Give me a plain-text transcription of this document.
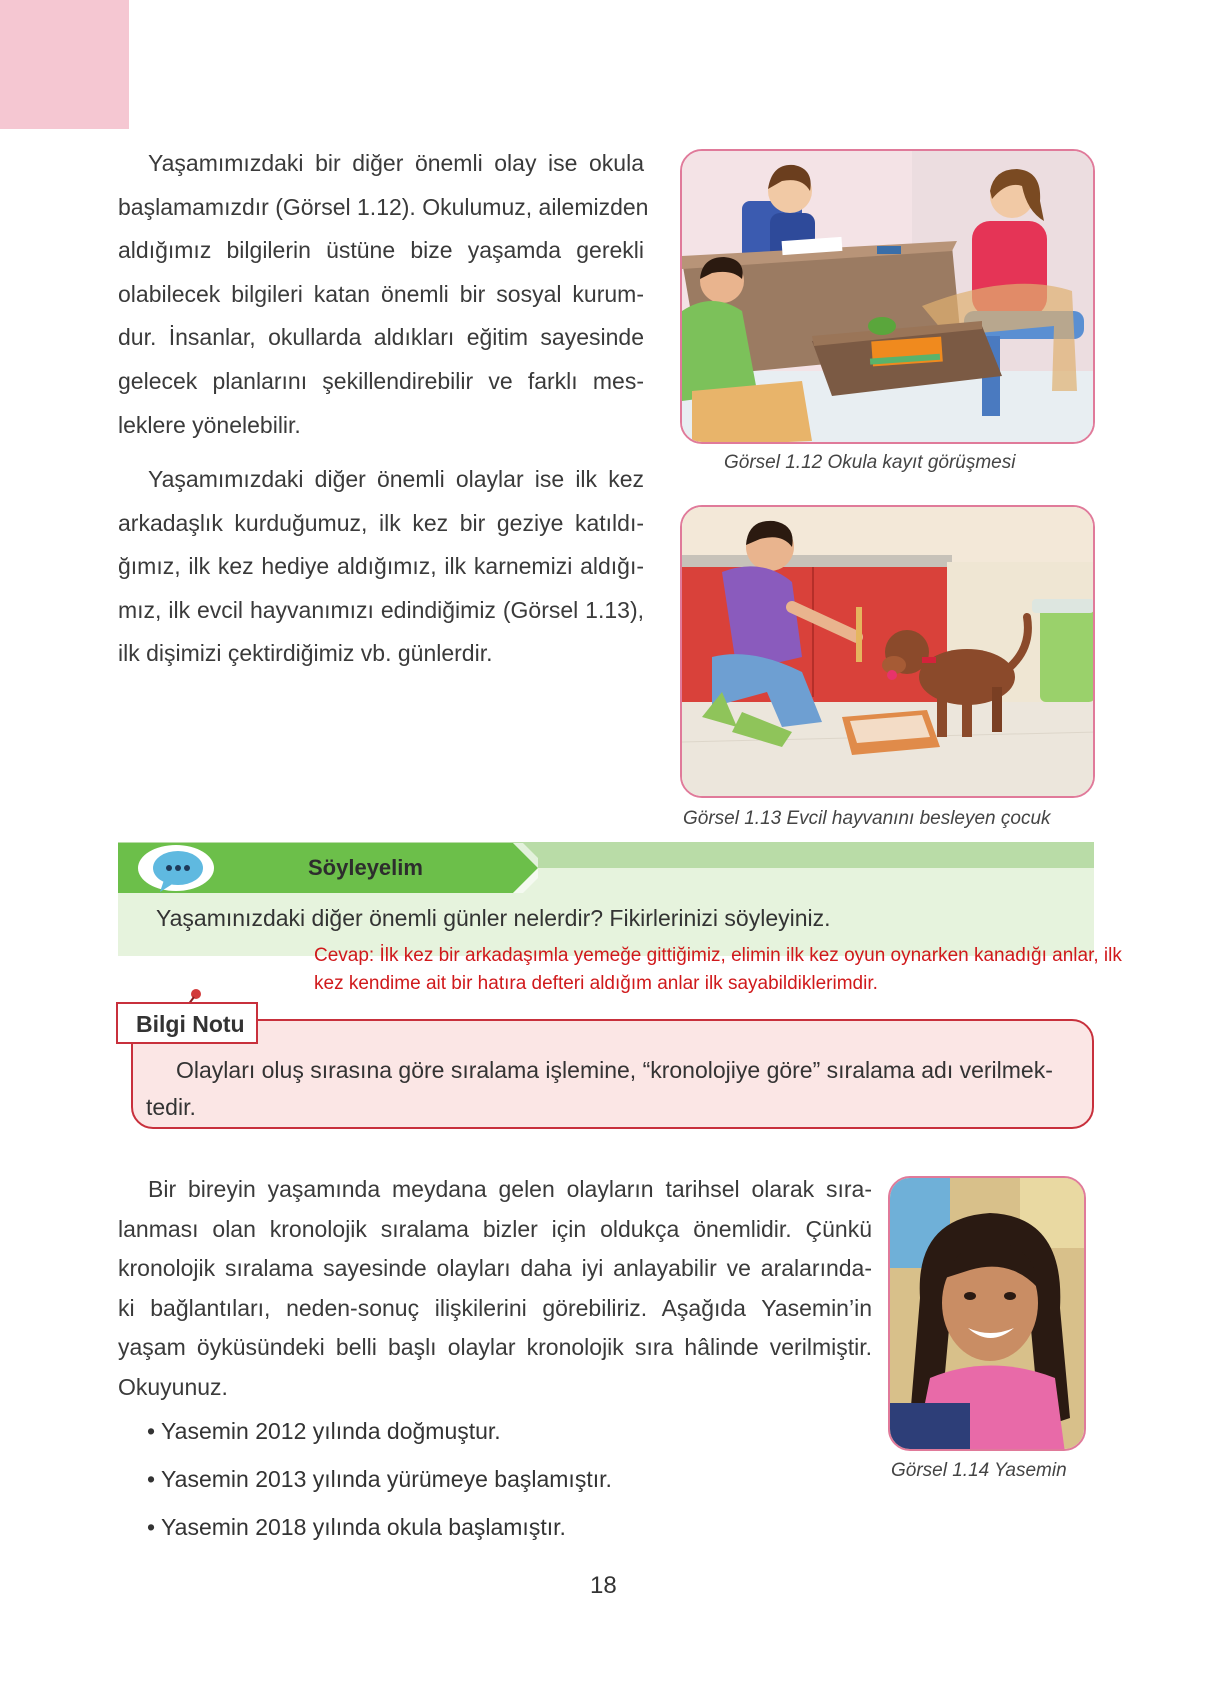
Yaşamımızdaki bir diğer önemli olay ise okula
başlamamızdır (Görsel 1.12). Okulumuz, ailemizden
aldığımız bilgilerin üstüne bize yaşamda gerekli
olabilecek bilgileri katan önemli bir sosyal kurum-
dur. İnsanlar, okullarda aldıkları eğitim sayesinde
gelecek planlarını şekillendirebilir ve farklı mes-
leklere yönelebilir.
Yaşamımızdaki diğer önemli olaylar ise ilk kez
arkadaşlık kurduğumuz, ilk kez bir geziye katıldı-
ğımız, ilk kez hediye aldığımız, ilk karnemizi aldığı-
mız, ilk evcil hayvanımızı edindiğimiz (Görsel 1.13),
ilk dişimizi çektirdiğimiz vb. günlerdir.
Görsel 1.12 Okula kayıt görüşmesi
Görsel 1.13 Evcil hayvanını besleyen çocuk
Söyleyelim
Yaşamınızdaki diğer önemli günler nelerdir? Fikirlerinizi söyleyiniz.
Cevap: İlk kez bir arkadaşımla yemeğe gittiğimiz, elimin ilk kez oyun oynarken kanadığı anlar, ilk
kez kendime ait bir hatıra defteri aldığım anlar ilk sayabildiklerimdir.
Bilgi Notu
Olayları oluş sırasına göre sıralama işlemine, “kronolojiye göre” sıralama adı verilmek-
tedir.
Bir bireyin yaşamında meydana gelen olayların tarihsel olarak sıra-
lanması olan kronolojik sıralama bizler için oldukça önemlidir. Çünkü
kronolojik sıralama sayesinde olayları daha iyi anlayabilir ve aralarında-
ki bağlantıları, neden-sonuç ilişkilerini görebiliriz. Aşağıda Yasemin’in
yaşam öyküsündeki belli başlı olaylar kronolojik sıra hâlinde verilmiştir.
Okuyunuz.
Görsel 1.14 Yasemin
• Yasemin 2012 yılında doğmuştur.
• Yasemin 2013 yılında yürümeye başlamıştır.
• Yasemin 2018 yılında okula başlamıştır.
18
